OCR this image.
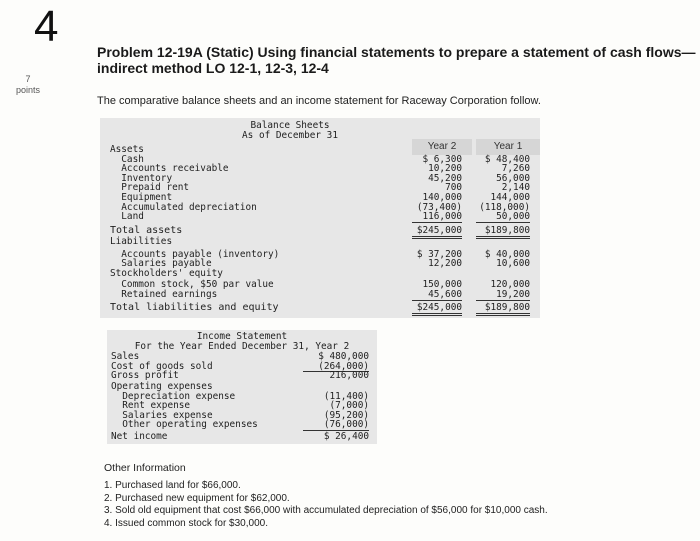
4
7
points
Problem 12-19A (Static) Using financial statements to prepare a statement of cash flows—indirect method LO 12-1, 12-3, 12-4
The comparative balance sheets and an income statement for Raceway Corporation follow.
Balance Sheets
As of December 31
Year 2	Year 1
Assets
Cash	$ 6,300	$ 48,400
Accounts receivable	10,200	7,260
Inventory	45,200	56,000
Prepaid rent	700	2,140
Equipment	140,000	144,000
Accumulated depreciation	(73,400)	(118,000)
Land	116,000	50,000
Total assets	$245,000	$189,800
Liabilities
Accounts payable (inventory)	$ 37,200	$ 40,000
Salaries payable	12,200	10,600
Stockholders' equity
Common stock, $50 par value	150,000	120,000
Retained earnings	45,600	19,200
Total liabilities and equity	$245,000	$189,800
Income Statement
For the Year Ended December 31, Year 2
Sales	$ 480,000
Cost of goods sold	(264,000)
Gross profit	216,000
Operating expenses
Depreciation expense	(11,400)
Rent expense	(7,000)
Salaries expense	(95,200)
Other operating expenses	(76,000)
Net income	$ 26,400
Other Information
1. Purchased land for $66,000.
2. Purchased new equipment for $62,000.
3. Sold old equipment that cost $66,000 with accumulated depreciation of $56,000 for $10,000 cash.
4. Issued common stock for $30,000.
